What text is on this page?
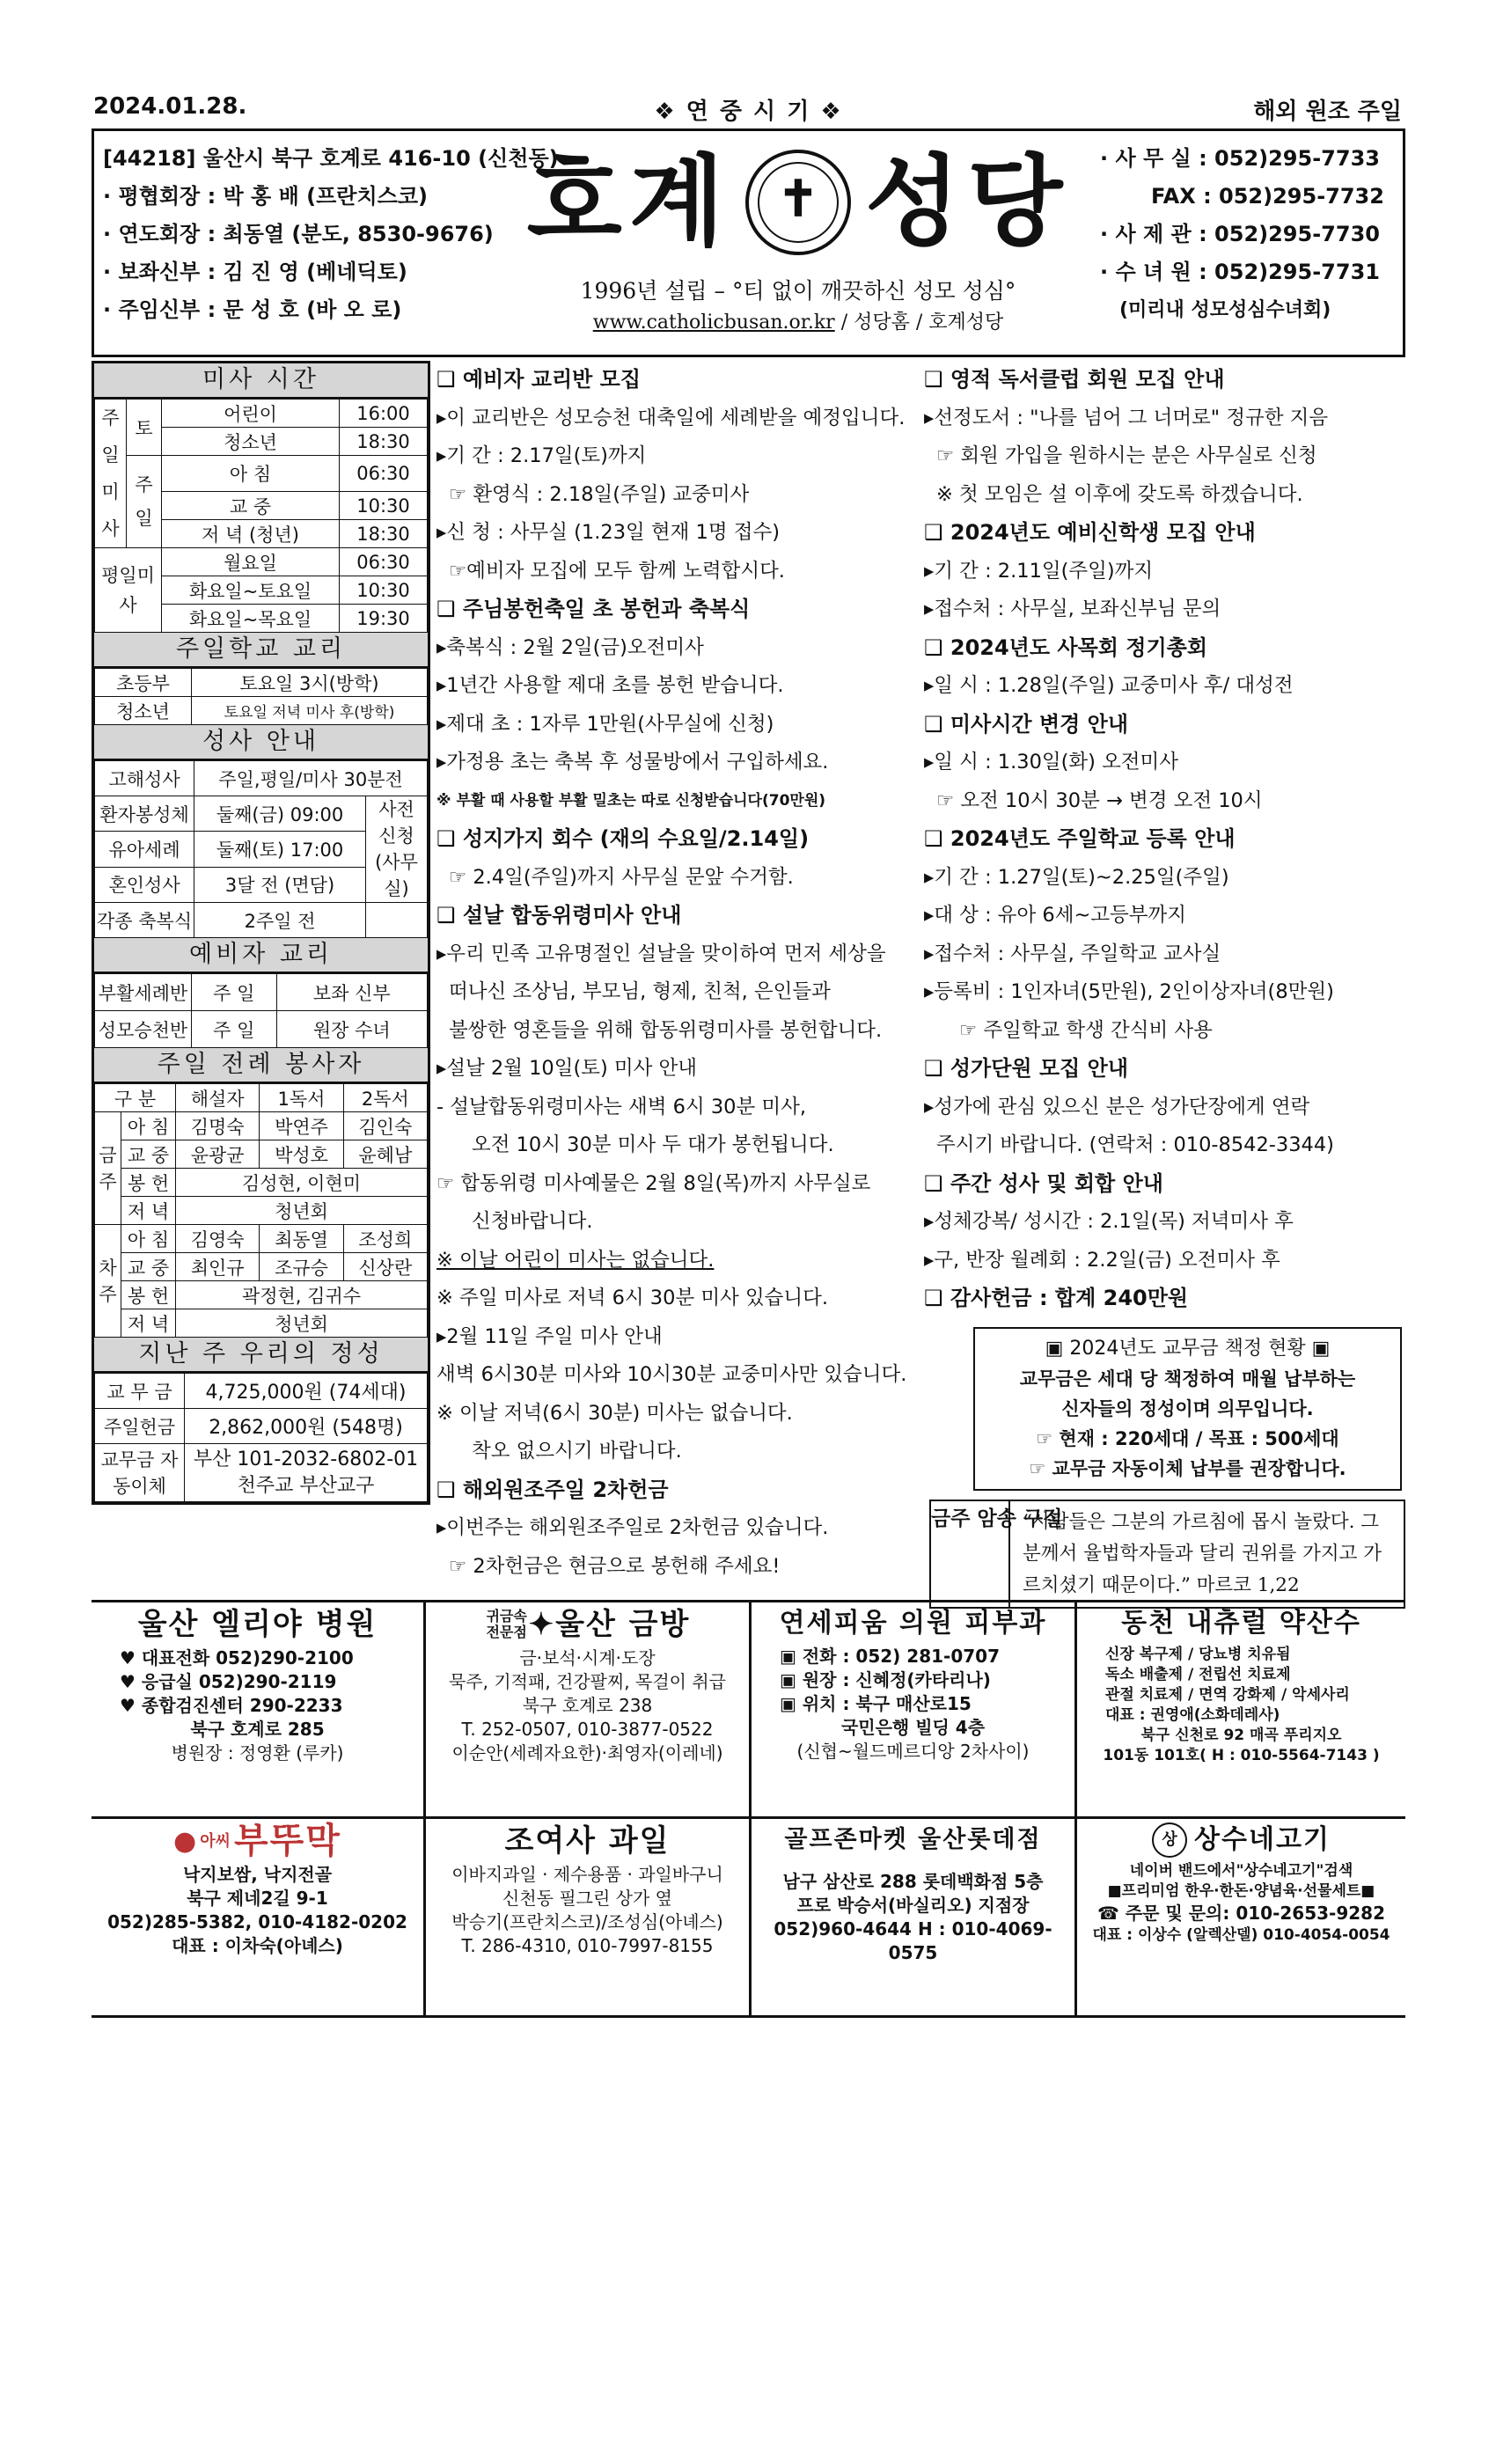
2024.01.28.	❖ 연 중 시 기 ❖	해외 원조 주일
[44218] 울산시 북구 호계로 416-10 (신천동)
· 평협회장 : 박 홍 배 (프란치스코)
· 연도회장 : 최동열 (분도, 8530-9676)
· 보좌신부 : 김 진 영 (베네딕토)
· 주임신부 : 문 성 호 (바 오 로)
호계
✝ 성당
1996년 설립 – °티 없이 깨끗하신 성모 성심°
www.catholicbusan.or.kr / 성당홈 / 호계성당
· 사 무 실 : 052)295-7733
FAX : 052)295-7732
· 사 제 관 : 052)295-7730
· 수 녀 원 : 052)295-7731
(미리내 성모성심수녀회)
미사 시간
주일미사	토	어린이	16:00
		청소년	18:30
	주일	아 침	06:30
		교 중	10:30
		저 녁 (청년)	18:30
평일미사		월요일	06:30
		화요일~토요일	10:30
		화요일~목요일	19:30
주일학교 교리
초등부	토요일 3시(방학)
청소년	토요일 저녁 미사 후(방학)
성사 안내
고해성사	주일,평일/미사 30분전	
환자봉성체	둘째(금) 09:00	사전 신청 (사무실)
유아세례	둘째(토) 17:00	
혼인성사	3달 전 (면담)	
각종 축복식	2주일 전	
예비자 교리
부활세례반	주 일	보좌 신부
성모승천반	주 일	원장 수녀
주일 전례 봉사자
구 분		해설자	1독서	2독서
금주	아 침	김명숙	박연주	김인숙
	교 중	윤광균	박성호	윤혜남
	봉 헌	김성현, 이현미		
	저 녁	청년회		
차주	아 침	김영숙	최동열	조성희
	교 중	최인규	조규승	신상란
	봉 헌	곽정현, 김귀수		
	저 녁	청년회		
지난 주 우리의 정성
교 무 금	4,725,000원 (74세대)
주일헌금	2,862,000원 (548명)
교무금 자동이체	부산 101-2032-6802-01
천주교 부산교구
❑ 예비자 교리반 모집
▸이 교리반은 성모승천 대축일에 세례받을 예정입니다.
▸기 간 : 2.17일(토)까지
☞ 환영식 : 2.18일(주일) 교중미사
▸신 청 : 사무실 (1.23일 현재 1명 접수)
☞예비자 모집에 모두 함께 노력합시다.
❑ 주님봉헌축일 초 봉헌과 축복식
▸축복식 : 2월 2일(금)오전미사
▸1년간 사용할 제대 초를 봉헌 받습니다.
▸제대 초 : 1자루 1만원(사무실에 신청)
▸가정용 초는 축복 후 성물방에서 구입하세요.
※ 부활 때 사용할 부활 밀초는 따로 신청받습니다(70만원)
❑ 성지가지 회수 (재의 수요일/2.14일)
☞ 2.4일(주일)까지 사무실 문앞 수거함.
❑ 설날 합동위령미사 안내
▸우리 민족 고유명절인 설날을 맞이하여 먼저 세상을
떠나신 조상님, 부모님, 형제, 친척, 은인들과
불쌍한 영혼들을 위해 합동위령미사를 봉헌합니다.
▸설날 2월 10일(토) 미사 안내
- 설날합동위령미사는 새벽 6시 30분 미사,
오전 10시 30분 미사 두 대가 봉헌됩니다.
☞ 합동위령 미사예물은 2월 8일(목)까지 사무실로
신청바랍니다.
※ 이날 어린이 미사는 없습니다.
※ 주일 미사로 저녁 6시 30분 미사 있습니다.
▸2월 11일 주일 미사 안내
새벽 6시30분 미사와 10시30분 교중미사만 있습니다.
※ 이날 저녁(6시 30분) 미사는 없습니다.
착오 없으시기 바랍니다.
❑ 해외원조주일 2차헌금
▸이번주는 해외원조주일로 2차헌금 있습니다.
☞ 2차헌금은 현금으로 봉헌해 주세요!
❑ 영적 독서클럽 회원 모집 안내
▸선정도서 : "나를 넘어 그 너머로" 정규한 지음
☞ 회원 가입을 원하시는 분은 사무실로 신청
※ 첫 모임은 설 이후에 갖도록 하겠습니다.
❑ 2024년도 예비신학생 모집 안내
▸기 간 : 2.11일(주일)까지
▸접수처 : 사무실, 보좌신부님 문의
❑ 2024년도 사목회 정기총회
▸일 시 : 1.28일(주일) 교중미사 후/ 대성전
❑ 미사시간 변경 안내
▸일 시 : 1.30일(화) 오전미사
☞ 오전 10시 30분 → 변경 오전 10시
❑ 2024년도 주일학교 등록 안내
▸기 간 : 1.27일(토)~2.25일(주일)
▸대 상 : 유아 6세~고등부까지
▸접수처 : 사무실, 주일학교 교사실
▸등록비 : 1인자녀(5만원), 2인이상자녀(8만원)
☞ 주일학교 학생 간식비 사용
❑ 성가단원 모집 안내
▸성가에 관심 있으신 분은 성가단장에게 연락
주시기 바랍니다. (연락처 : 010-8542-3344)
❑ 주간 성사 및 회합 안내
▸성체강복/ 성시간 : 2.1일(목) 저녁미사 후
▸구, 반장 월례회 : 2.2일(금) 오전미사 후
❑ 감사헌금 : 합계 240만원
▣ 2024년도 교무금 책정 현황 ▣
교무금은 세대 당 책정하여 매월 납부하는
신자들의 정성이며 의무입니다.
☞ 현재 : 220세대 / 목표 : 500세대
☞ 교무금 자동이체 납부를 권장합니다.
금주 암송 구절
“사람들은 그분의 가르침에 몹시 놀랐다. 그분께서 율법학자들과 달리 권위를 가지고 가르치셨기 때문이다.” 마르코 1,22
울산 엘리야 병원
♥ 대표전화 052)290-2100
♥ 응급실 052)290-2119
♥ 종합검진센터 290-2233
북구 호계로 285
병원장 : 정영환 (루카)
귀금속 전문점 ✦ 울산 금방
금·보석·시계·도장
묵주, 기적패, 건강팔찌, 목걸이 취급
북구 호계로 238
T. 252-0507, 010-3877-0522
이순안(세례자요한)·최영자(이레네)
연세피움 의원 피부과
▣ 전화 : 052) 281-0707
▣ 원장 : 신혜정(카타리나)
▣ 위치 : 북구 매산로15
국민은행 빌딩 4층
(신협~월드메르디앙 2차사이)
동천 내츄럴 약산수
신장 복구제 / 당뇨병 치유됨
독소 배출제 / 전립선 치료제
관절 치료제 / 면역 강화제 / 악세사리
대표 : 권영애(소화데레사)
북구 신천로 92 매곡 푸리지오
101동 101호( H : 010-5564-7143 )
● 아씨 부뚜막
낙지보쌈, 낙지전골
북구 제네2길 9-1
052)285-5382, 010-4182-0202
대표 : 이차숙(아녜스)
조여사 과일
이바지과일 · 제수용품 · 과일바구니
신천동 필그린 상가 옆
박승기(프란치스코)/조성심(아녜스)
T. 286-4310, 010-7997-8155
골프존마켓 울산롯데점
남구 삼산로 288 롯데백화점 5층
프로 박승서(바실리오) 지점장
052)960-4644 H : 010-4069-0575
상 상수네고기
네이버 밴드에서"상수네고기"검색
■프리미엄 한우·한돈·양념육·선물세트■
☎ 주문 및 문의: 010-2653-9282
대표 : 이상수 (알렉산델) 010-4054-0054
